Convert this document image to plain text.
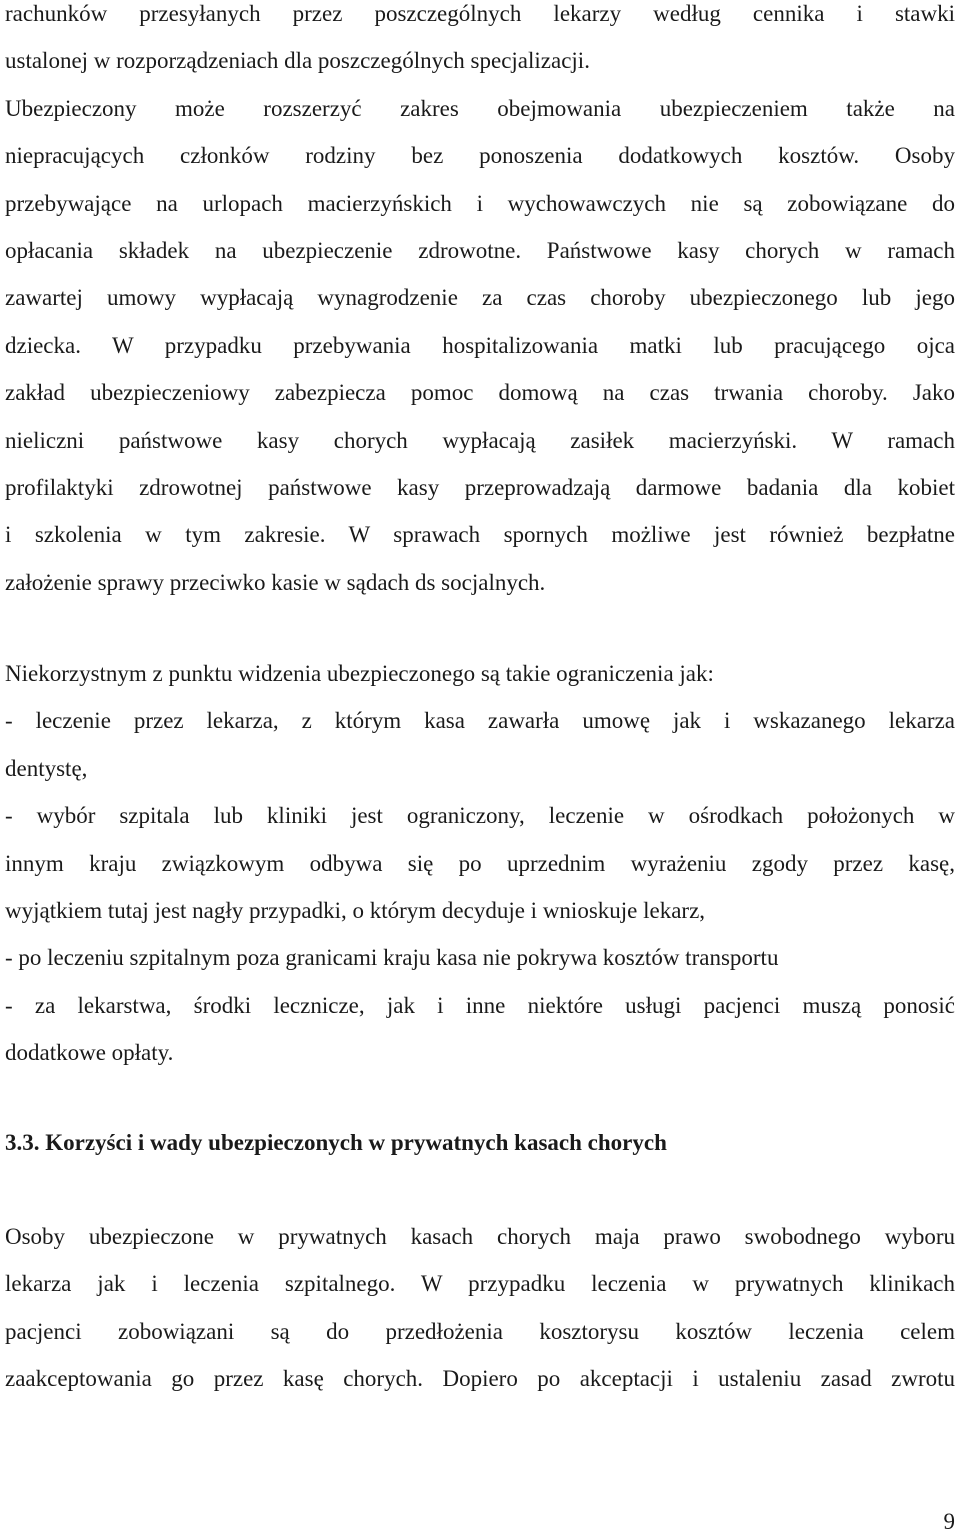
rachunków przesyłanych przez poszczególnych lekarzy według cennika i stawki
ustalonej w rozporządzeniach dla poszczególnych specjalizacji.
Ubezpieczony może rozszerzyć zakres obejmowania ubezpieczeniem także na
niepracujących członków rodziny bez ponoszenia dodatkowych kosztów. Osoby
przebywające na urlopach macierzyńskich i wychowawczych nie są zobowiązane do
opłacania składek na ubezpieczenie zdrowotne. Państwowe kasy chorych w ramach
zawartej umowy wypłacają wynagrodzenie za czas choroby ubezpieczonego lub jego
dziecka. W przypadku przebywania hospitalizowania matki lub pracującego ojca
zakład ubezpieczeniowy zabezpiecza pomoc domową na czas trwania choroby. Jako
nieliczni państwowe kasy chorych wypłacają zasiłek macierzyński. W ramach
profilaktyki zdrowotnej państwowe kasy przeprowadzają darmowe badania dla kobiet
i szkolenia w tym zakresie. W sprawach spornych możliwe jest również bezpłatne
założenie sprawy przeciwko kasie w sądach ds socjalnych.
Niekorzystnym z punktu widzenia ubezpieczonego są takie ograniczenia jak:
- leczenie przez lekarza, z którym kasa zawarła umowę jak i wskazanego lekarza
dentystę,
- wybór szpitala lub kliniki jest ograniczony, leczenie w ośrodkach położonych w
innym kraju związkowym odbywa się po uprzednim wyrażeniu zgody przez kasę,
wyjątkiem tutaj jest nagły przypadki, o którym decyduje i wnioskuje lekarz,
- po leczeniu szpitalnym poza granicami kraju kasa nie pokrywa kosztów transportu
- za lekarstwa, środki lecznicze, jak i inne niektóre usługi pacjenci muszą ponosić
dodatkowe opłaty.
3.3. Korzyści i wady ubezpieczonych w prywatnych kasach chorych
Osoby ubezpieczone w prywatnych kasach chorych maja prawo swobodnego wyboru
lekarza jak i leczenia szpitalnego. W przypadku leczenia w prywatnych klinikach
pacjenci zobowiązani są do przedłożenia kosztorysu kosztów leczenia celem
zaakceptowania go przez kasę chorych. Dopiero po akceptacji i ustaleniu zasad zwrotu
9
